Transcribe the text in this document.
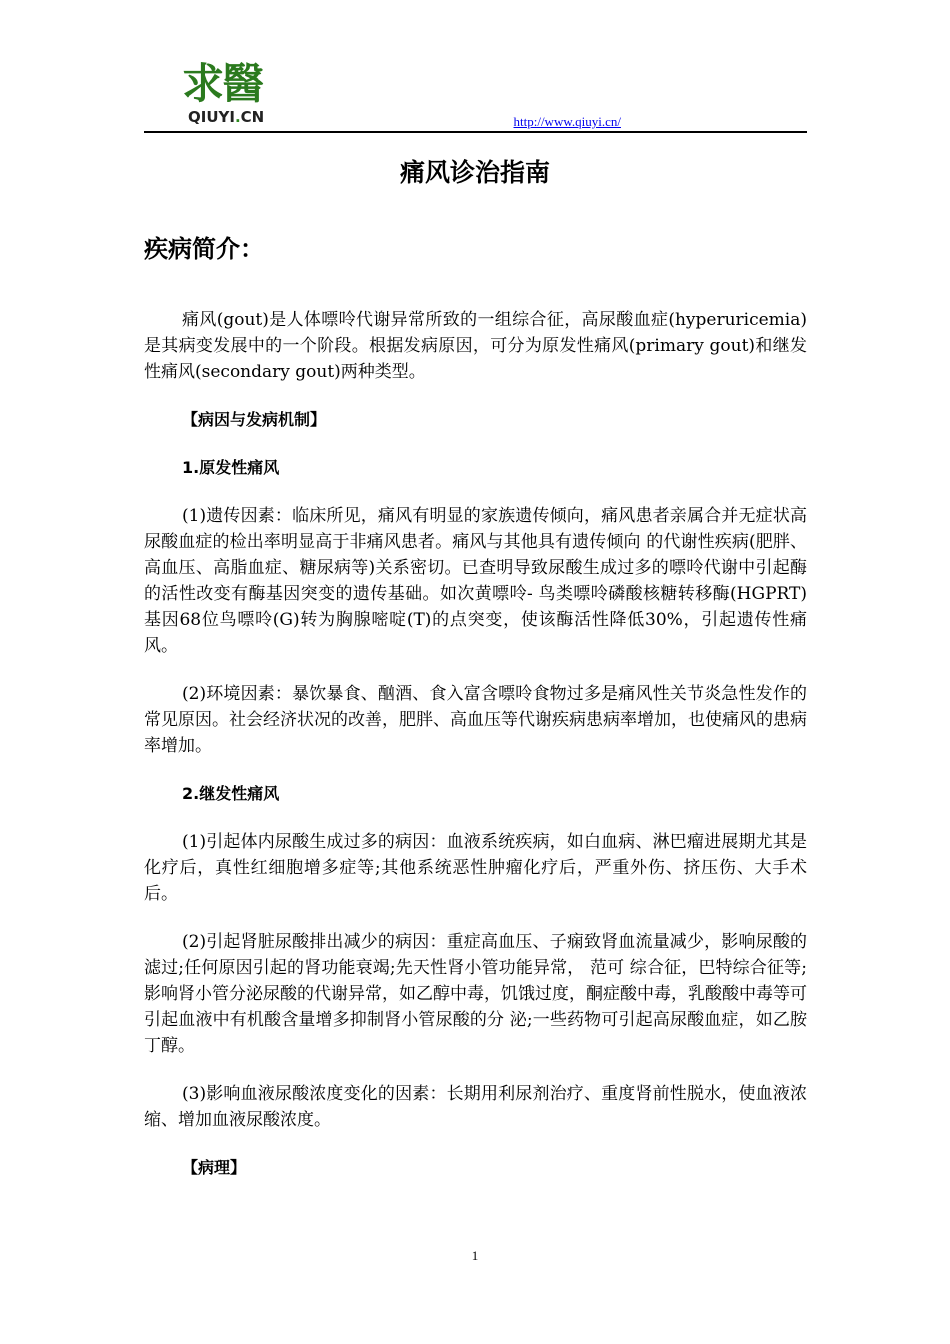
求醫
QIUYI.CN	http://www.qiuyi.cn/
痛风诊治指南
疾病简介：

痛风(gout)是人体嘌呤代谢异常所致的一组综合征，高尿酸血症(hyperuricemia)是其病变发展中的一个阶段。根据发病原因，可分为原发性痛风(primary gout)和继发性痛风(secondary gout)两种类型。

【病因与发病机制】
1.原发性痛风

(1)遗传因素：临床所见，痛风有明显的家族遗传倾向，痛风患者亲属合并无症状高尿酸血症的检出率明显高于非痛风患者。痛风与其他具有遗传倾向 的代谢性疾病(肥胖、高血压、高脂血症、糖尿病等)关系密切。已查明导致尿酸生成过多的嘌呤代谢中引起酶的活性改变有酶基因突变的遗传基础。如次黄嘌呤- 鸟类嘌呤磷酸核糖转移酶(HGPRT)基因68位鸟嘌呤(G)转为胸腺嘧啶(T)的点突变，使该酶活性降低30%，引起遗传性痛风。

(2)环境因素：暴饮暴食、酗酒、食入富含嘌呤食物过多是痛风性关节炎急性发作的常见原因。社会经济状况的改善，肥胖、高血压等代谢疾病患病率增加，也使痛风的患病率增加。

2.继发性痛风

(1)引起体内尿酸生成过多的病因：血液系统疾病，如白血病、淋巴瘤进展期尤其是化疗后，真性红细胞增多症等;其他系统恶性肿瘤化疗后，严重外伤、挤压伤、大手术后。

(2)引起肾脏尿酸排出减少的病因：重症高血压、子痫致肾血流量减少，影响尿酸的滤过;任何原因引起的肾功能衰竭;先天性肾小管功能异常， 范可 综合征，巴特综合征等;影响肾小管分泌尿酸的代谢异常，如乙醇中毒，饥饿过度，酮症酸中毒，乳酸酸中毒等可引起血液中有机酸含量增多抑制肾小管尿酸的分 泌;一些药物可引起高尿酸血症，如乙胺丁醇。

(3)影响血液尿酸浓度变化的因素：长期用利尿剂治疗、重度肾前性脱水，使血液浓缩、增加血液尿酸浓度。

【病理】
1
